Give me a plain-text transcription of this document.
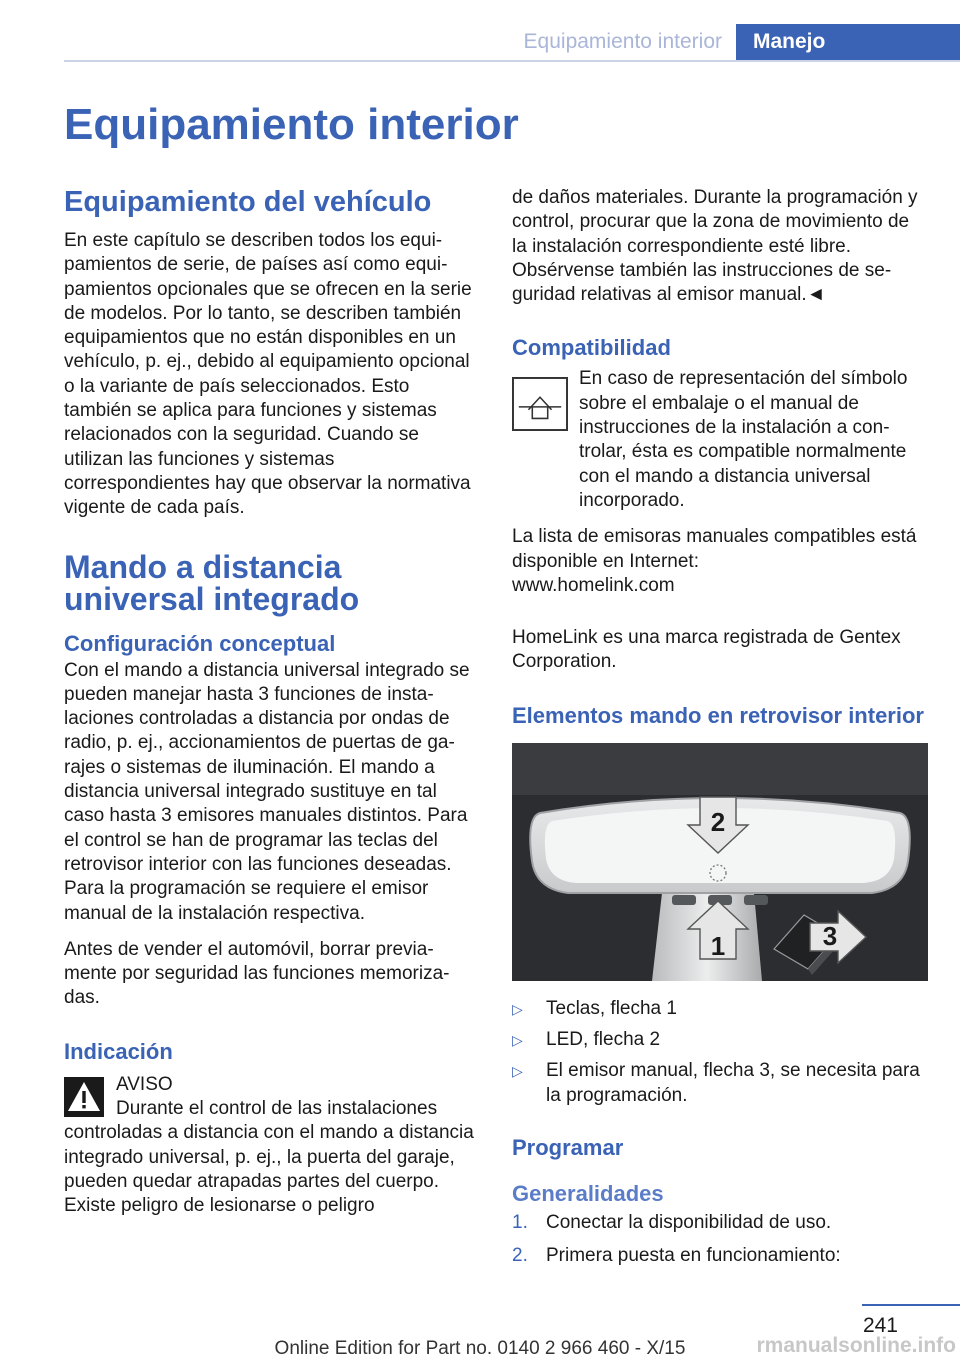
Equipamiento interior	Manejo
Equipamiento interior
Equipamiento del vehículo

En este capítulo se describen todos los equipamientos de serie, de países así como equipamientos opcionales que se ofrecen en la serie de modelos. Por lo tanto, se describen también equipamientos que no están disponibles en un vehículo, p. ej., debido al equipamiento opcional o la variante de país seleccionados. Esto también se aplica para funciones y sistemas relacionados con la seguridad. Cuando se utilizan las funciones y sistemas correspondientes hay que observar la normativa vigente de cada país.

Mando a distancia universal integrado
Configuración conceptual

Con el mando a distancia universal integrado se pueden manejar hasta 3 funciones de instalaciones controladas a distancia por ondas de radio, p. ej., accionamientos de puertas de garajes o sistemas de iluminación. El mando a distancia universal integrado sustituye en tal caso hasta 3 emisores manuales distintos. Para el control se han de programar las teclas del retrovisor interior con las funciones deseadas. Para la programación se requiere el emisor manual de la instalación respectiva.

Antes de vender el automóvil, borrar previamente por seguridad las funciones memorizadas.

Indicación

AVISO

Durante el control de las instalaciones controladas a distancia con el mando a distancia integrado universal, p. ej., la puerta del garaje, pueden quedar atrapadas partes del cuerpo. Existe peligro de lesionarse o peligro

de daños materiales. Durante la programación y control, procurar que la zona de movimiento de la instalación correspondiente esté libre. Obsérvense también las instrucciones de seguridad relativas al emisor manual.◄

Compatibilidad

En caso de representación del símbolo sobre el embalaje o el manual de instrucciones de la instalación a controlar, ésta es compatible normalmente con el mando a distancia universal incorporado.

La lista de emisoras manuales compatibles está disponible en Internet:

www.homelink.com

HomeLink es una marca registrada de Gentex Corporation.

Elementos mando en retrovisor interior
2
1	3
▷ Teclas, flecha 1
▷ LED, flecha 2
▷ El emisor manual, flecha 3, se necesita para la programación.
Programar
Generalidades
1. Conectar la disponibilidad de uso.
2. Primera puesta en funcionamiento:
241
Online Edition for Part no. 0140 2 966 460 - X/15	rmanualsonline.info
